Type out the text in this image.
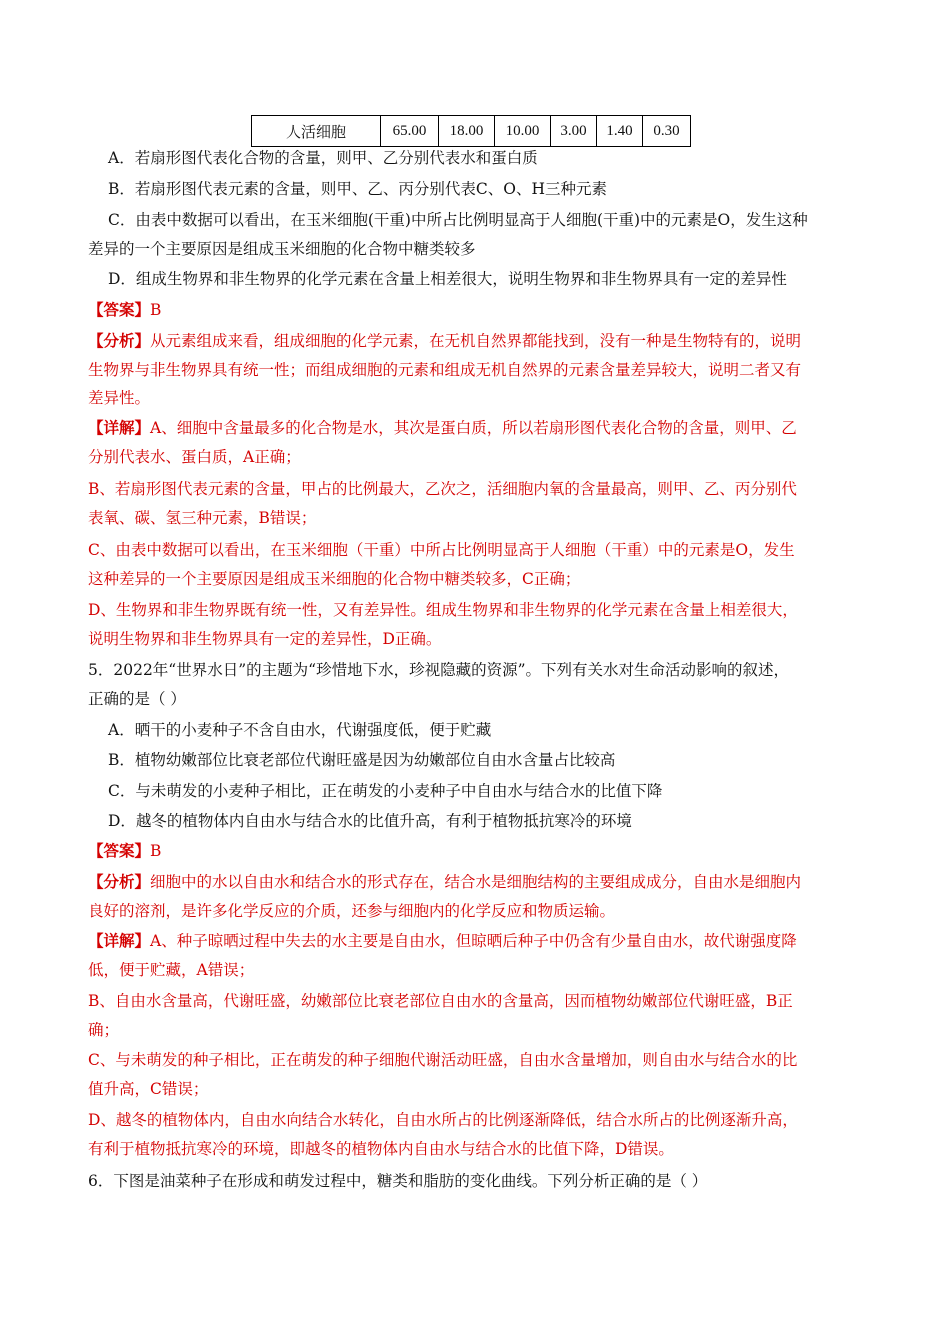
人活细胞	65.00	18.00	10.00	3.00	1.40	0.30
A．若扇形图代表化合物的含量，则甲、乙分别代表水和蛋白质
B．若扇形图代表元素的含量，则甲、乙、丙分别代表C、O、H三种元素
C．由表中数据可以看出，在玉米细胞(干重)中所占比例明显高于人细胞(干重)中的元素是O，发生这种
差异的一个主要原因是组成玉米细胞的化合物中糖类较多
D．组成生物界和非生物界的化学元素在含量上相差很大，说明生物界和非生物界具有一定的差异性
【答案】B
【分析】从元素组成来看，组成细胞的化学元素，在无机自然界都能找到，没有一种是生物特有的，说明
生物界与非生物界具有统一性；而组成细胞的元素和组成无机自然界的元素含量差异较大，说明二者又有
差异性。
【详解】A、细胞中含量最多的化合物是水，其次是蛋白质，所以若扇形图代表化合物的含量，则甲、乙
分别代表水、蛋白质，A正确；
B、若扇形图代表元素的含量，甲占的比例最大，乙次之，活细胞内氧的含量最高，则甲、乙、丙分别代
表氧、碳、氢三种元素，B错误；
C、由表中数据可以看出，在玉米细胞（干重）中所占比例明显高于人细胞（干重）中的元素是O，发生
这种差异的一个主要原因是组成玉米细胞的化合物中糖类较多，C正确；
D、生物界和非生物界既有统一性，又有差异性。组成生物界和非生物界的化学元素在含量上相差很大，
说明生物界和非生物界具有一定的差异性，D正确。
5．2022年“世界水日”的主题为“珍惜地下水，珍视隐藏的资源”。下列有关水对生命活动影响的叙述，
正确的是（ ）
A．晒干的小麦种子不含自由水，代谢强度低，便于贮藏
B．植物幼嫩部位比衰老部位代谢旺盛是因为幼嫩部位自由水含量占比较高
C．与未萌发的小麦种子相比，正在萌发的小麦种子中自由水与结合水的比值下降
D．越冬的植物体内自由水与结合水的比值升高，有利于植物抵抗寒冷的环境
【答案】B
【分析】细胞中的水以自由水和结合水的形式存在，结合水是细胞结构的主要组成成分，自由水是细胞内
良好的溶剂，是许多化学反应的介质，还参与细胞内的化学反应和物质运输。
【详解】A、种子晾晒过程中失去的水主要是自由水，但晾晒后种子中仍含有少量自由水，故代谢强度降
低，便于贮藏，A错误；
B、自由水含量高，代谢旺盛，幼嫩部位比衰老部位自由水的含量高，因而植物幼嫩部位代谢旺盛，B正
确；
C、与未萌发的种子相比，正在萌发的种子细胞代谢活动旺盛，自由水含量增加，则自由水与结合水的比
值升高，C错误；
D、越冬的植物体内，自由水向结合水转化，自由水所占的比例逐渐降低，结合水所占的比例逐渐升高，
有利于植物抵抗寒冷的环境，即越冬的植物体内自由水与结合水的比值下降，D错误。
6．下图是油菜种子在形成和萌发过程中，糖类和脂肪的变化曲线。下列分析正确的是（ ）
